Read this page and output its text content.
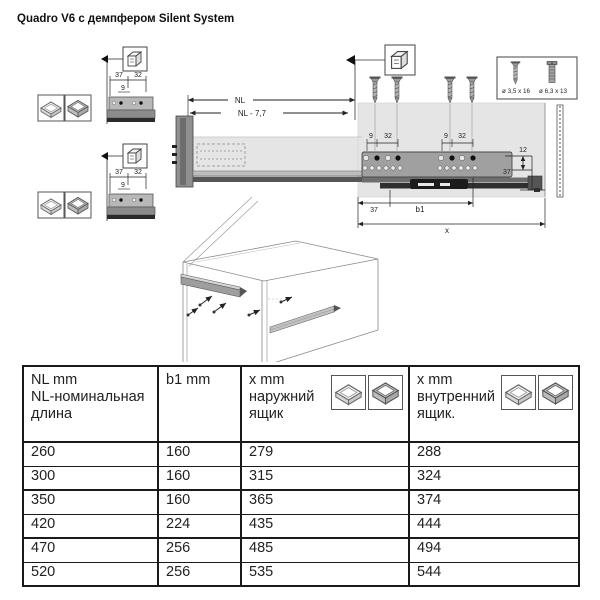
Quadro V6 с демпфером Silent System
37 32
9
37 32
9
NL
NL - 7,7
9 32	9 32
12
37
37	b1
x
ø 3,5 x 16 ø 6,3 x 13
NL mm
NL-номинальная
длина	b1 mm	x mm
наружний
ящик	x mm
внутренний
ящик.

260	160	279	288
300	160	315	324
350	160	365	374
420	224	435	444
470	256	485	494
520	256	535	544
